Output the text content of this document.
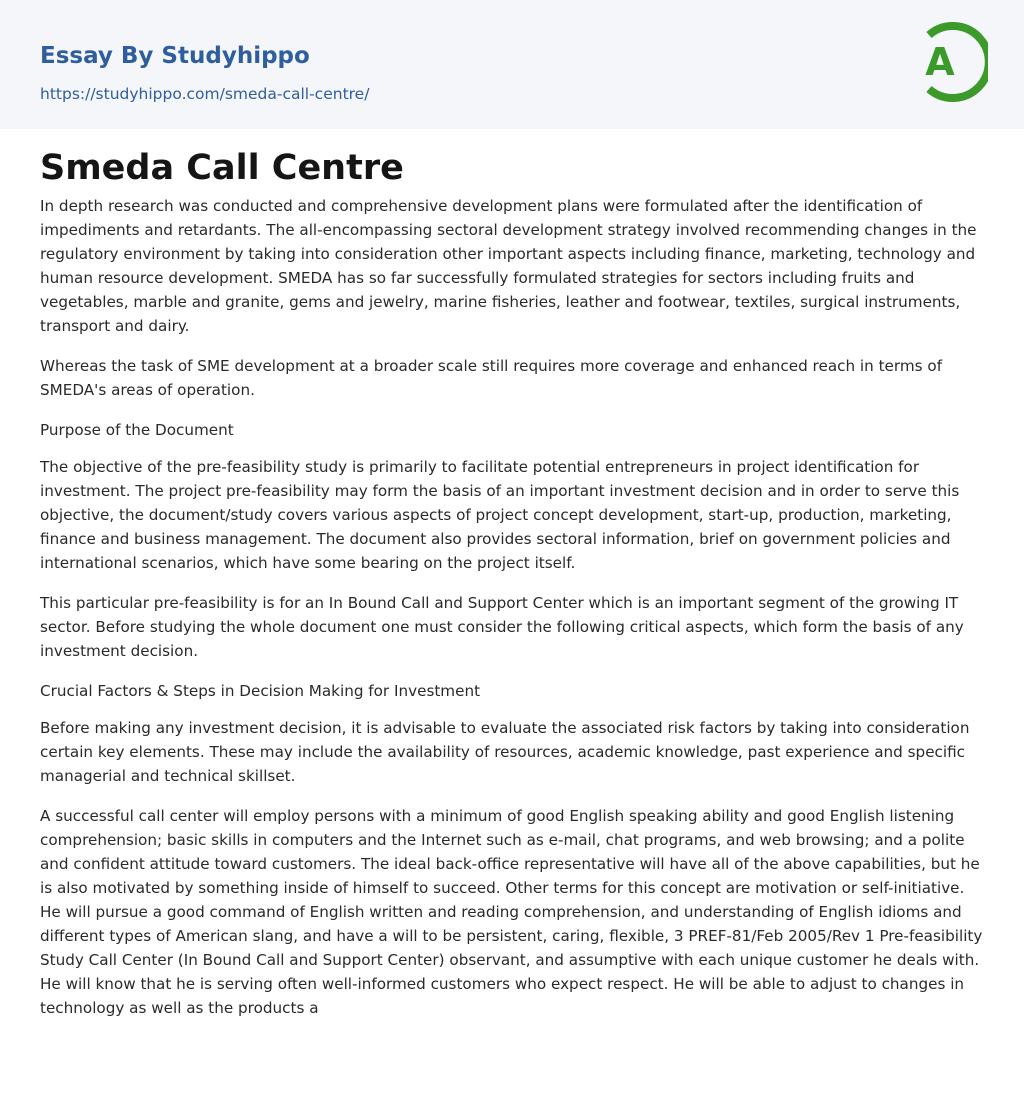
Essay By Studyhippo
https://studyhippo.com/smeda-call-centre/
A
Smeda Call Centre

In depth research was conducted and comprehensive development plans were formulated after the identification of impediments and retardants. The all-encompassing sectoral development strategy involved recommending changes in the regulatory environment by taking into consideration other important aspects including finance, marketing, technology and human resource development. SMEDA has so far successfully formulated strategies for sectors including fruits and vegetables, marble and granite, gems and jewelry, marine fisheries, leather and footwear, textiles, surgical instruments, transport and dairy.

Whereas the task of SME development at a broader scale still requires more coverage and enhanced reach in terms of SMEDA's areas of operation.

Purpose of the Document

The objective of the pre-feasibility study is primarily to facilitate potential entrepreneurs in project identification for investment. The project pre-feasibility may form the basis of an important investment decision and in order to serve this objective, the document/study covers various aspects of project concept development, start-up, production, marketing, finance and business management. The document also provides sectoral information, brief on government policies and international scenarios, which have some bearing on the project itself.

This particular pre-feasibility is for an In Bound Call and Support Center which is an important segment of the growing IT sector. Before studying the whole document one must consider the following critical aspects, which form the basis of any investment decision.

Crucial Factors & Steps in Decision Making for Investment

Before making any investment decision, it is advisable to evaluate the associated risk factors by taking into consideration certain key elements. These may include the availability of resources, academic knowledge, past experience and specific managerial and technical skillset.

A successful call center will employ persons with a minimum of good English speaking ability and good English listening comprehension; basic skills in computers and the Internet such as e-mail, chat programs, and web browsing; and a polite and confident attitude toward customers. The ideal back-office representative will have all of the above capabilities, but he is also motivated by something inside of himself to succeed. Other terms for this concept are motivation or self-initiative. He will pursue a good command of English written and reading comprehension, and understanding of English idioms and different types of American slang, and have a will to be persistent, caring, flexible, 3 PREF-81/Feb 2005/Rev 1 Pre-feasibility Study Call Center (In Bound Call and Support Center) observant, and assumptive with each unique customer he deals with. He will know that he is serving often well-informed customers who expect respect. He will be able to adjust to changes in technology as well as the products a
